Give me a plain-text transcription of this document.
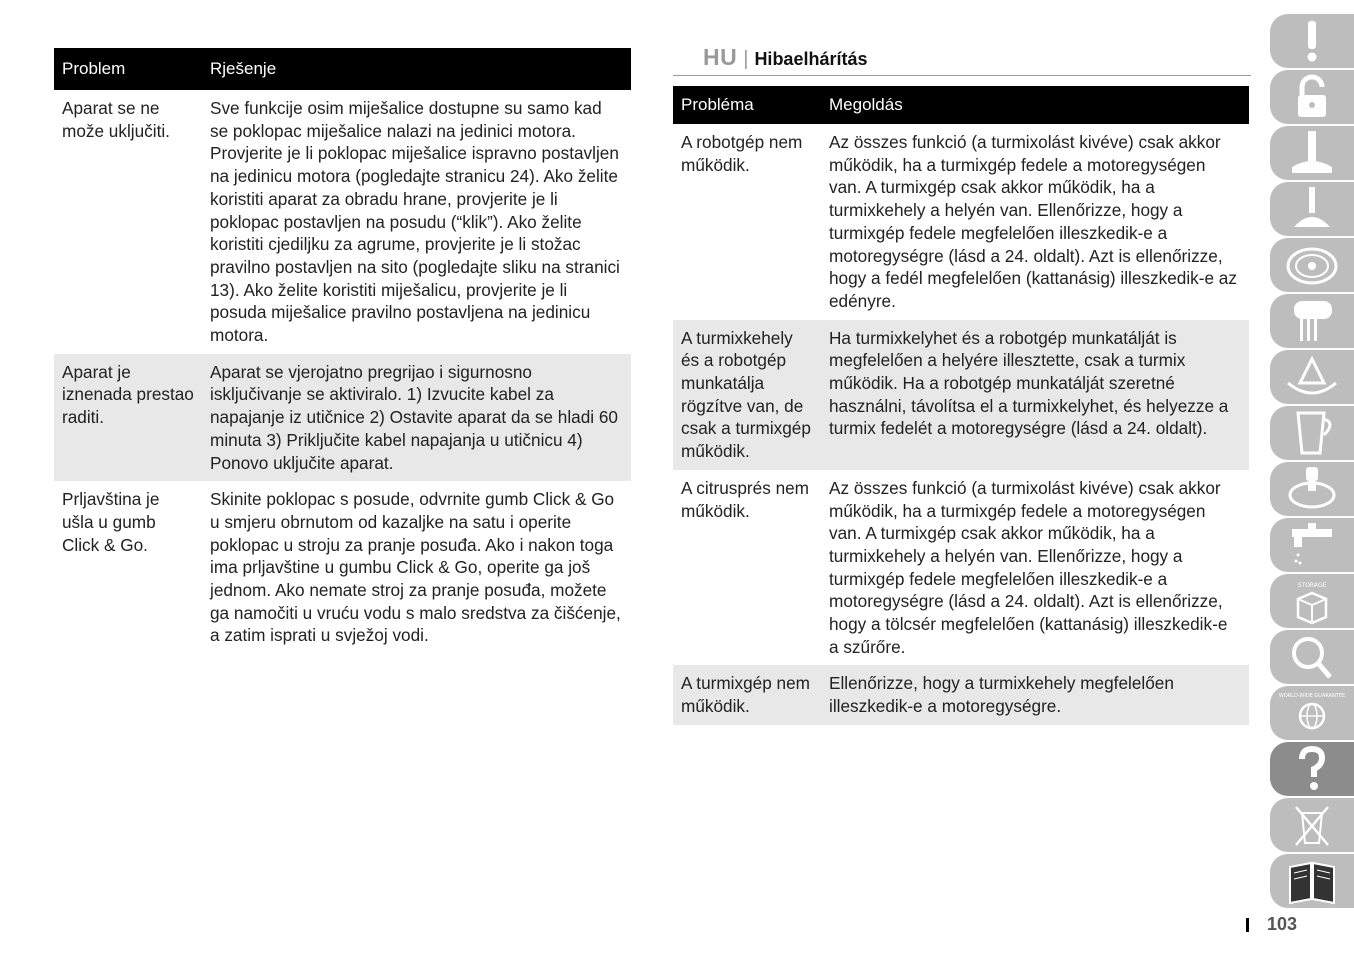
Problem	Rješenje
Aparat se ne može uključiti.	Sve funkcije osim miješalice dostupne su samo kad se poklopac miješalice nalazi na jedinici motora. Provjerite je li poklopac miješalice ispravno postavljen na jedinicu motora (pogledajte stranicu 24). Ako želite koristiti aparat za obradu hrane, provjerite je li poklopac postavljen na posudu (“klik”). Ako želite koristiti cjediljku za agrume, provjerite je li stožac pravilno postavljen na sito (pogledajte sliku na stranici 13). Ako želite koristiti miješalicu, provjerite je li posuda miješalice pravilno postavljena na jedinicu motora.
Aparat je iznenada prestao raditi.	Aparat se vjerojatno pregrijao i sigurnosno isključivanje se aktiviralo. 1) Izvucite kabel za napajanje iz utičnice 2) Ostavite aparat da se hladi 60 minuta 3) Priključite kabel napajanja u utičnicu 4) Ponovo uključite aparat.
Prljavština je ušla u gumb Click & Go.	Skinite poklopac s posude, odvrnite gumb Click & Go u smjeru obrnutom od kazaljke na satu i operite poklopac u stroju za pranje posuđa. Ako i nakon toga ima prljavštine u gumbu Click & Go, operite ga još jednom. Ako nemate stroj za pranje posuđa, možete ga namočiti u vruću vodu s malo sredstva za čišćenje, a zatim isprati u svježoj vodi.
HU | Hibaelhárítás
Probléma	Megoldás
A robotgép nem működik.	Az összes funkció (a turmixolást kivéve) csak akkor működik, ha a turmixgép fedele a motoregységen van. A turmixgép csak akkor működik, ha a turmixkehely a helyén van. Ellenőrizze, hogy a turmixgép fedele megfelelően illeszkedik-e a motoregységre (lásd a 24. oldalt). Azt is ellenőrizze, hogy a fedél megfelelően (kattanásig) illeszkedik-e az edényre.
A turmixkehely és a robotgép munkatálja rögzítve van, de csak a turmixgép működik.	Ha turmixkelyhet és a robotgép munkatálját is megfelelően a helyére illesztette, csak a turmix működik. Ha a robotgép munkatálját szeretné használni, távolítsa el a turmixkelyhet, és helyezze a turmix fedelét a motoregységre (lásd a 24. oldalt).
A citrusprés nem működik.	Az összes funkció (a turmixolást kivéve) csak akkor működik, ha a turmixgép fedele a motoregységen van. A turmixgép csak akkor működik, ha a turmixkehely a helyén van. Ellenőrizze, hogy a turmixgép fedele megfelelően illeszkedik-e a motoregységre (lásd a 24. oldalt). Azt is ellenőrizze, hogy a tölcsér megfelelően (kattanásig) illeszkedik-e a szűrőre.
A turmixgép nem működik.	Ellenőrizze, hogy a turmixkehely megfelelően illeszkedik-e a motoregységre.
STORAGE
WORLD-WIDE GUARANTEE
103
